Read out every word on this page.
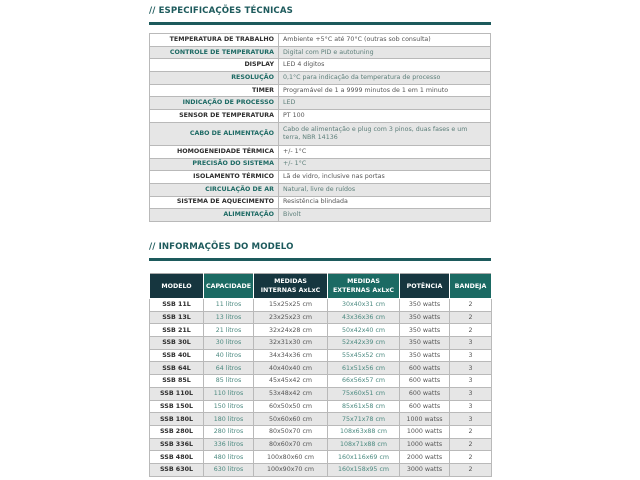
// ESPECIFICAÇÕES TÉCNICAS
TEMPERATURA DE TRABALHO	Ambiente +5°C até 70°C (outras sob consulta)
CONTROLE DE TEMPERATURA	Digital com PID e autotuning
DISPLAY	LED 4 dígitos
RESOLUÇÃO	0,1°C para indicação da temperatura de processo
TIMER	Programável de 1 a 9999 minutos de 1 em 1 minuto
INDICAÇÃO DE PROCESSO	LED
SENSOR DE TEMPERATURA	PT 100
CABO DE ALIMENTAÇÃO	Cabo de alimentação e plug com 3 pinos, duas fases e um terra, NBR 14136
HOMOGENEIDADE TÉRMICA	+/- 1°C
PRECISÃO DO SISTEMA	+/- 1°C
ISOLAMENTO TÉRMICO	Lã de vidro, inclusive nas portas
CIRCULAÇÃO DE AR	Natural, livre de ruídos
SISTEMA DE AQUECIMENTO	Resistência blindada
ALIMENTAÇÃO	Bivolt
// INFORMAÇÕES DO MODELO
MODELO	CAPACIDADE	MEDIDAS INTERNAS AxLxC	MEDIDAS EXTERNAS AxLxC	POTÊNCIA	BANDEJA
SSB 11L	11 litros	15x25x25 cm	30x40x31 cm	350 watts	2
SSB 13L	13 litros	23x25x23 cm	43x36x36 cm	350 watts	2
SSB 21L	21 litros	32x24x28 cm	50x42x40 cm	350 watts	2
SSB 30L	30 litros	32x31x30 cm	52x42x39 cm	350 watts	3
SSB 40L	40 litros	34x34x36 cm	55x45x52 cm	350 watts	3
SSB 64L	64 litros	40x40x40 cm	61x51x56 cm	600 watts	3
SSB 85L	85 litros	45x45x42 cm	66x56x57 cm	600 watts	3
SSB 110L	110 litros	53x48x42 cm	75x60x51 cm	600 watts	3
SSB 150L	150 litros	60x50x50 cm	85x61x58 cm	600 watts	3
SSB 180L	180 litros	50x60x60 cm	75x71x78 cm	1000 watss	3
SSB 280L	280 litros	80x50x70 cm	108x63x88 cm	1000 watts	2
SSB 336L	336 litros	80x60x70 cm	108x71x88 cm	1000 watts	2
SSB 480L	480 litros	100x80x60 cm	160x116x69 cm	2000 watts	2
SSB 630L	630 litros	100x90x70 cm	160x158x95 cm	3000 watts	2
